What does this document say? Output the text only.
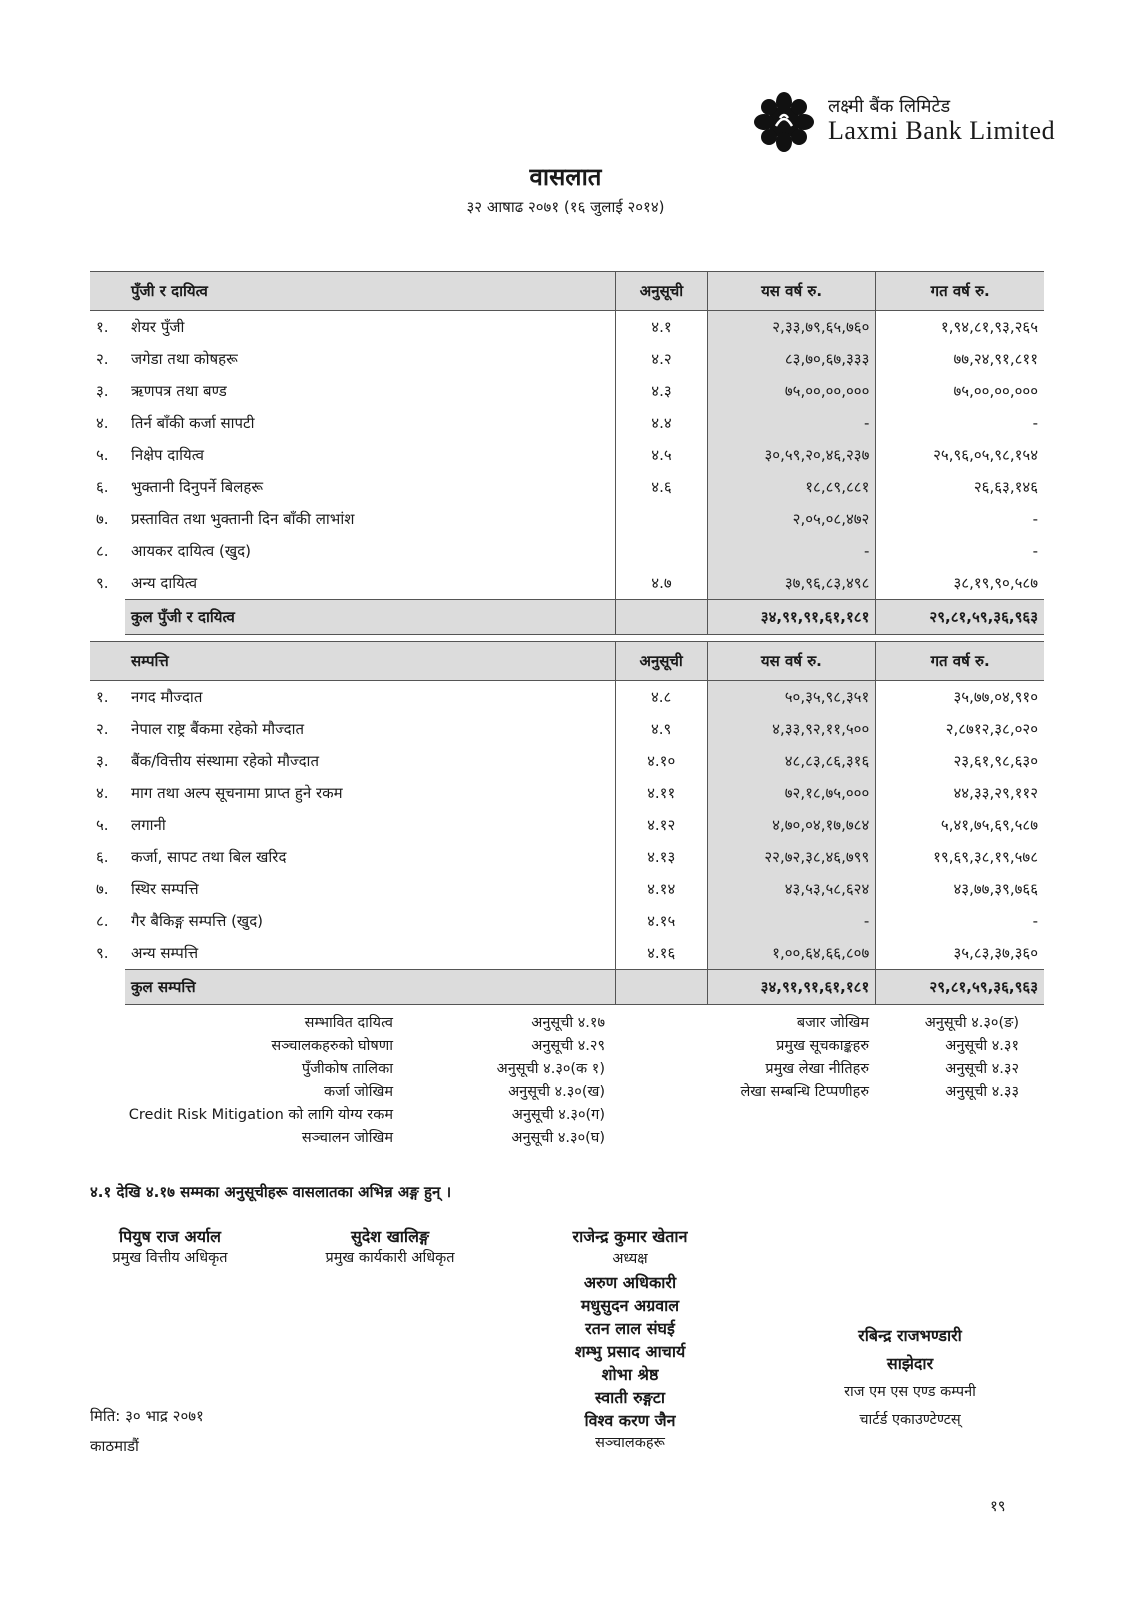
लक्ष्मी बैंक लिमिटेड
Laxmi Bank Limited
वासलात
३२ आषाढ २०७१ (१६ जुलाई २०१४)
	पुँजी र दायित्व	अनुसूची	यस वर्ष रु.	गत वर्ष रु.
१.	शेयर पुँजी	४.१	२,३३,७९,६५,७६०	१,९४,८१,९३,२६५
२.	जगेडा तथा कोषहरू	४.२	८३,७०,६७,३३३	७७,२४,९१,८११
३.	ऋणपत्र तथा बण्ड	४.३	७५,००,००,०००	७५,००,००,०००
४.	तिर्न बाँकी कर्जा सापटी	४.४	-	-
५.	निक्षेप दायित्व	४.५	३०,५९,२०,४६,२३७	२५,९६,०५,९८,१५४
६.	भुक्तानी दिनुपर्ने बिलहरू	४.६	१८,८९,८८१	२६,६३,१४६
७.	प्रस्तावित तथा भुक्तानी दिन बाँकी लाभांश		२,०५,०८,४७२	-
८.	आयकर दायित्व (खुद)		-	-
९.	अन्य दायित्व	४.७	३७,९६,८३,४९८	३८,१९,९०,५८७
	कुल पुँजी र दायित्व		३४,९१,९१,६१,१८१	२९,८१,५९,३६,९६३
	सम्पत्ति	अनुसूची	यस वर्ष रु.	गत वर्ष रु.
१.	नगद मौज्दात	४.८	५०,३५,९८,३५१	३५,७७,०४,९१०
२.	नेपाल राष्ट्र बैंकमा रहेको मौज्दात	४.९	४,३३,९२,११,५००	२,८७१२,३८,०२०
३.	बैंक/वित्तीय संस्थामा रहेको मौज्दात	४.१०	४८,८३,८६,३१६	२३,६१,९८,६३०
४.	माग तथा अल्प सूचनामा प्राप्त हुने रकम	४.११	७२,१८,७५,०००	४४,३३,२९,११२
५.	लगानी	४.१२	४,७०,०४,१७,७८४	५,४१,७५,६९,५८७
६.	कर्जा, सापट तथा बिल खरिद	४.१३	२२,७२,३८,४६,७९९	१९,६९,३८,१९,५७८
७.	स्थिर सम्पत्ति	४.१४	४३,५३,५८,६२४	४३,७७,३९,७६६
८.	गैर बैकिङ्ग सम्पत्ति (खुद)	४.१५	-	-
९.	अन्य सम्पत्ति	४.१६	१,००,६४,६६,८०७	३५,८३,३७,३६०
	कुल सम्पत्ति		३४,९१,९१,६१,१८१	२९,८१,५९,३६,९६३
सम्भावित दायित्व	अनुसूची ४.१७
सञ्चालकहरुको घोषणा	अनुसूची ४.२९
पुँजीकोष तालिका	अनुसूची ४.३०(क १)
कर्जा जोखिम	अनुसूची ४.३०(ख)
Credit Risk Mitigation को लागि योग्य रकम	अनुसूची ४.३०(ग)
सञ्चालन जोखिम	अनुसूची ४.३०(घ)
बजार जोखिम	अनुसूची ४.३०(ङ)
प्रमुख सूचकाङ्कहरु	अनुसूची ४.३१
प्रमुख लेखा नीतिहरु	अनुसूची ४.३२
लेखा सम्बन्धि टिप्पणीहरु	अनुसूची ४.३३
४.१ देखि ४.१७ सम्मका अनुसूचीहरू वासलातका अभिन्न अङ्ग हुन् ।
पियुष राज अर्याल
प्रमुख वित्तीय अधिकृत
सुदेश खालिङ्ग
प्रमुख कार्यकारी अधिकृत
राजेन्द्र कुमार खेतान
अध्यक्ष
अरुण अधिकारी
मधुसुदन अग्रवाल
रतन लाल संघई
शम्भु प्रसाद आचार्य
शोभा श्रेष्ठ
स्वाती रुङ्गटा
विश्व करण जैन
सञ्चालकहरू
रबिन्द्र राजभण्डारी
साझेदार
राज एम एस एण्ड कम्पनी
चार्टर्ड एकाउण्टेण्टस्
मिति: ३० भाद्र २०७१
काठमाडौं
१९
